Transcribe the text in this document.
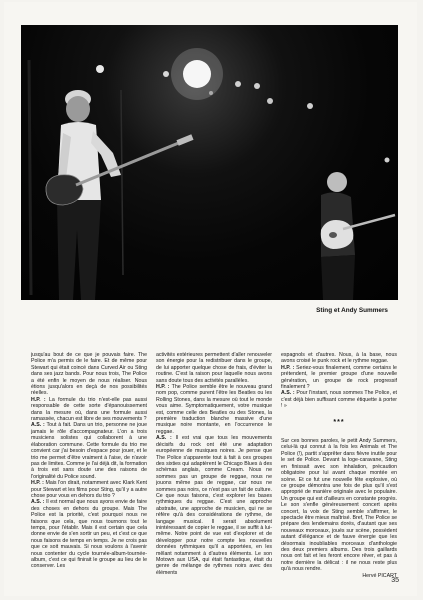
Sting et Andy Summers

jusqu'au bout de ce que je pouvais faire. The Police m'a permis de le faire. Et de même pour Stewart qui était coincé dans Curved Air ou Sting dans ses jazz bands. Pour nous trois, The Police a été enfin le moyen de nous réaliser. Nous étions jusqu'alors en deçà de nos possibilités réelles.

H.P. : La formule du trio n'est-elle pas aussi responsable de cette sorte d'épanouissement dans la mesure où, dans une formule aussi ramassée, chacun est libre de ses mouvements ?

A.S. : Tout à fait. Dans un trio, personne ne joue jamais le rôle d'accompagnateur. L'on a trois musiciens solistes qui collaborent à une élaboration commune. Cette formule du trio me convient car j'ai besoin d'espace pour jouer, et le trio me permet d'être vraiment à l'aise, de n'avoir pas de limites. Comme je l'ai déjà dit, la formation à trois est sans doute une des raisons de l'originalité du Police sound.

H.P. : Mais l'on dirait, notamment avec Klark Kent pour Stewart et les films pour Sting, qu'il y a autre chose pour vous en dehors du trio ?

A.S. : Il est normal que nous ayons envie de faire des choses en dehors du groupe. Mais The Police est la priorité, c'est pourquoi nous ne faisons que cela, que nous tournons tout le temps, pour l'établir. Mais il est certain que cela donne envie de s'en sortir un peu, et c'est ce que nous faisons de temps en temps. Je ne crois pas que ce soit mauvais. Si nous voulons à l'avenir nous contenter du cycle tournée-album-tournée-album, c'est ce qui finirait le groupe au lieu de le conserver. Les

activités extérieures permettent d'aller renouveler son énergie pour la redistribuer dans le groupe, de lui apporter quelque chose de frais, d'éviter la routine. C'est la raison pour laquelle nous avons sans doute tous des activités parallèles.

H.P. : The Police semble être le nouveau grand nom pop, comme purent l'être les Beatles ou les Rolling Stones, dans la mesure où tout le monde vous aime. Symptomatiquement, votre musique est, comme celle des Beatles ou des Stones, la première traduction blanche massive d'une musique noire montante, en l'occurrence le reggae.

A.S. : Il est vrai que tous les mouvements décisifs du rock ont été une adaptation européenne de musiques noires. Je pense que The Police s'apparente tout à fait à ces groupes des sixties qui adaptèrent le Chicago Blues à des schémas anglais, comme Cream. Nous ne sommes pas un groupe de reggae, nous ne jouons même pas de reggae, car nous ne sommes pas noirs, ce n'est pas un fait de culture. Ce que nous faisons, c'est explorer les bases rythmiques du reggae. C'est une approche abstraite, une approche de musicien, qui ne se réfère qu'à des considérations de rythme, de langage musical. Il serait absolument inintéressant de copier le reggae, il se suffit à lui-même. Notre point de vue est d'explorer et de développer pour notre compte les nouvelles données rythmiques qu'il a apportées, en les mêlant notamment à d'autres éléments. Le son Motown aux USA, qui était fantastique, était du genre de mélange de rythmes noirs avec des éléments

espagnols et d'autres. Nous, à la base, nous avons croisé le punk rock et le rythme reggae.

H.P. : Seriez-vous finalement, comme certains le prétendent, le premier groupe d'une nouvelle génération, un groupe de rock progressif finalement ?

A.S. : Pour l'instant, nous sommes The Police, et c'est déjà bien suffisant comme étiquette à porter ! »

***

Sur ces bonnes paroles, le petit Andy Summers, celui-là qui connut à la fois les Animals et The Police (!), partit s'apprêter dans fièvre inutile pour le set de Police. Devant la loge-caravane, Sting en finissait avec son inhalation, précaution obligatoire pour lui avant chaque montée en scène. Et ce fut une nouvelle fête explosive, où ce groupe démontra une fois de plus qu'il s'est approprié de manière originale avec le populaire. Un groupe qui est d'ailleurs en constante progrès. Le son s'enfle généreusement concert après concert, la voix de Sting semble s'affirmer, le spectacle être mieux maîtrisé. Bref, The Police se prépare des lendemains dorés, d'autant que ses nouveaux morceaux, joués sur scène, possèdent autant d'élégance et de fauve énergie que les désormais inoubliables morceaux d'anthologie des deux premiers albums. Des trois gaillards nous ont fait et les feront encore rêver, et pas à notre dernière la délicat : il ne nous reste plus qu'à nous rendre.

Hervé PICART

35
